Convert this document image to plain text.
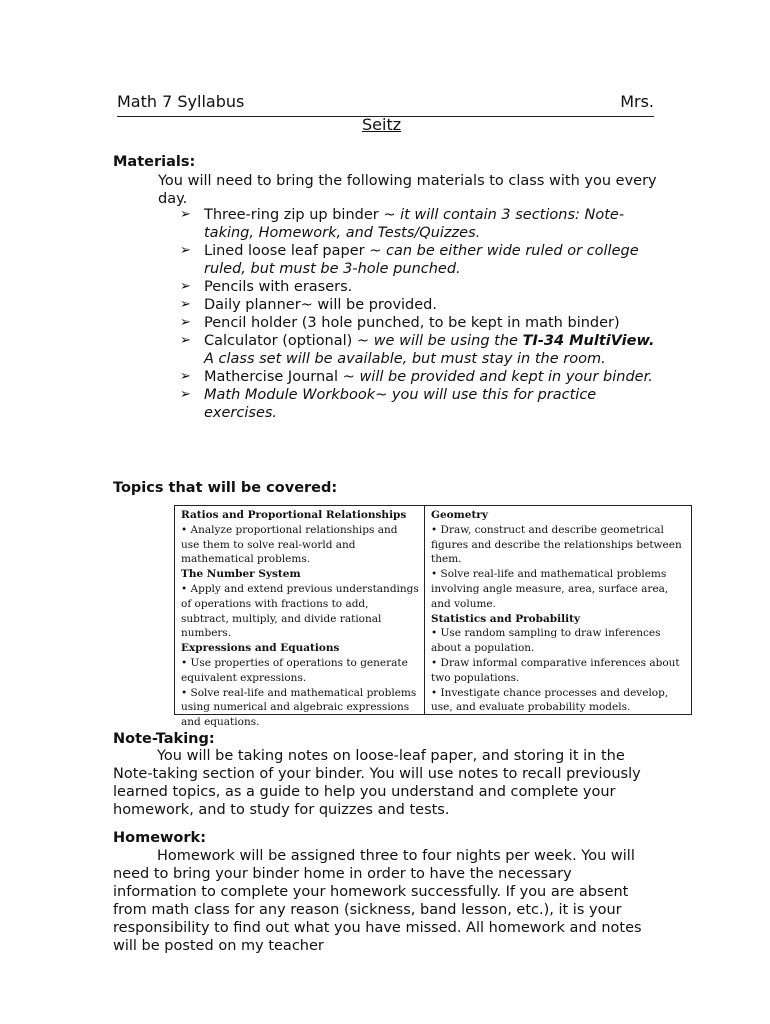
Math 7 Syllabus	Mrs.
Seitz
Materials:
You will need to bring the following materials to class with you every day.
➢ Three-ring zip up binder ~ it will contain 3 sections: Note-taking, Homework, and Tests/Quizzes.
➢ Lined loose leaf paper ~ can be either wide ruled or college ruled, but must be 3-hole punched.
➢ Pencils with erasers.
➢ Daily planner~ will be provided.
➢ Pencil holder (3 hole punched, to be kept in math binder)
➢ Calculator (optional) ~ we will be using the TI-34 MultiView. A class set will be available, but must stay in the room.
➢ Mathercise Journal ~ will be provided and kept in your binder.
➢ Math Module Workbook~ you will use this for practice exercises.
Topics that will be covered:
Ratios and Proportional Relationships
• Analyze proportional relationships and use them to solve real-world and mathematical problems.
The Number System
• Apply and extend previous understandings of operations with fractions to add, subtract, multiply, and divide rational numbers.
Expressions and Equations
• Use properties of operations to generate equivalent expressions.
• Solve real-life and mathematical problems using numerical and algebraic expressions and equations.
Geometry
• Draw, construct and describe geometrical figures and describe the relationships between them.
• Solve real-life and mathematical problems involving angle measure, area, surface area, and volume.
Statistics and Probability
• Use random sampling to draw inferences about a population.
• Draw informal comparative inferences about two populations.
• Investigate chance processes and develop, use, and evaluate probability models.
Note-Taking:
You will be taking notes on loose-leaf paper, and storing it in the Note-taking section of your binder. You will use notes to recall previously learned topics, as a guide to help you understand and complete your homework, and to study for quizzes and tests.
Homework:
Homework will be assigned three to four nights per week. You will need to bring your binder home in order to have the necessary information to complete your homework successfully. If you are absent from math class for any reason (sickness, band lesson, etc.), it is your responsibility to find out what you have missed. All homework and notes will be posted on my teacher
